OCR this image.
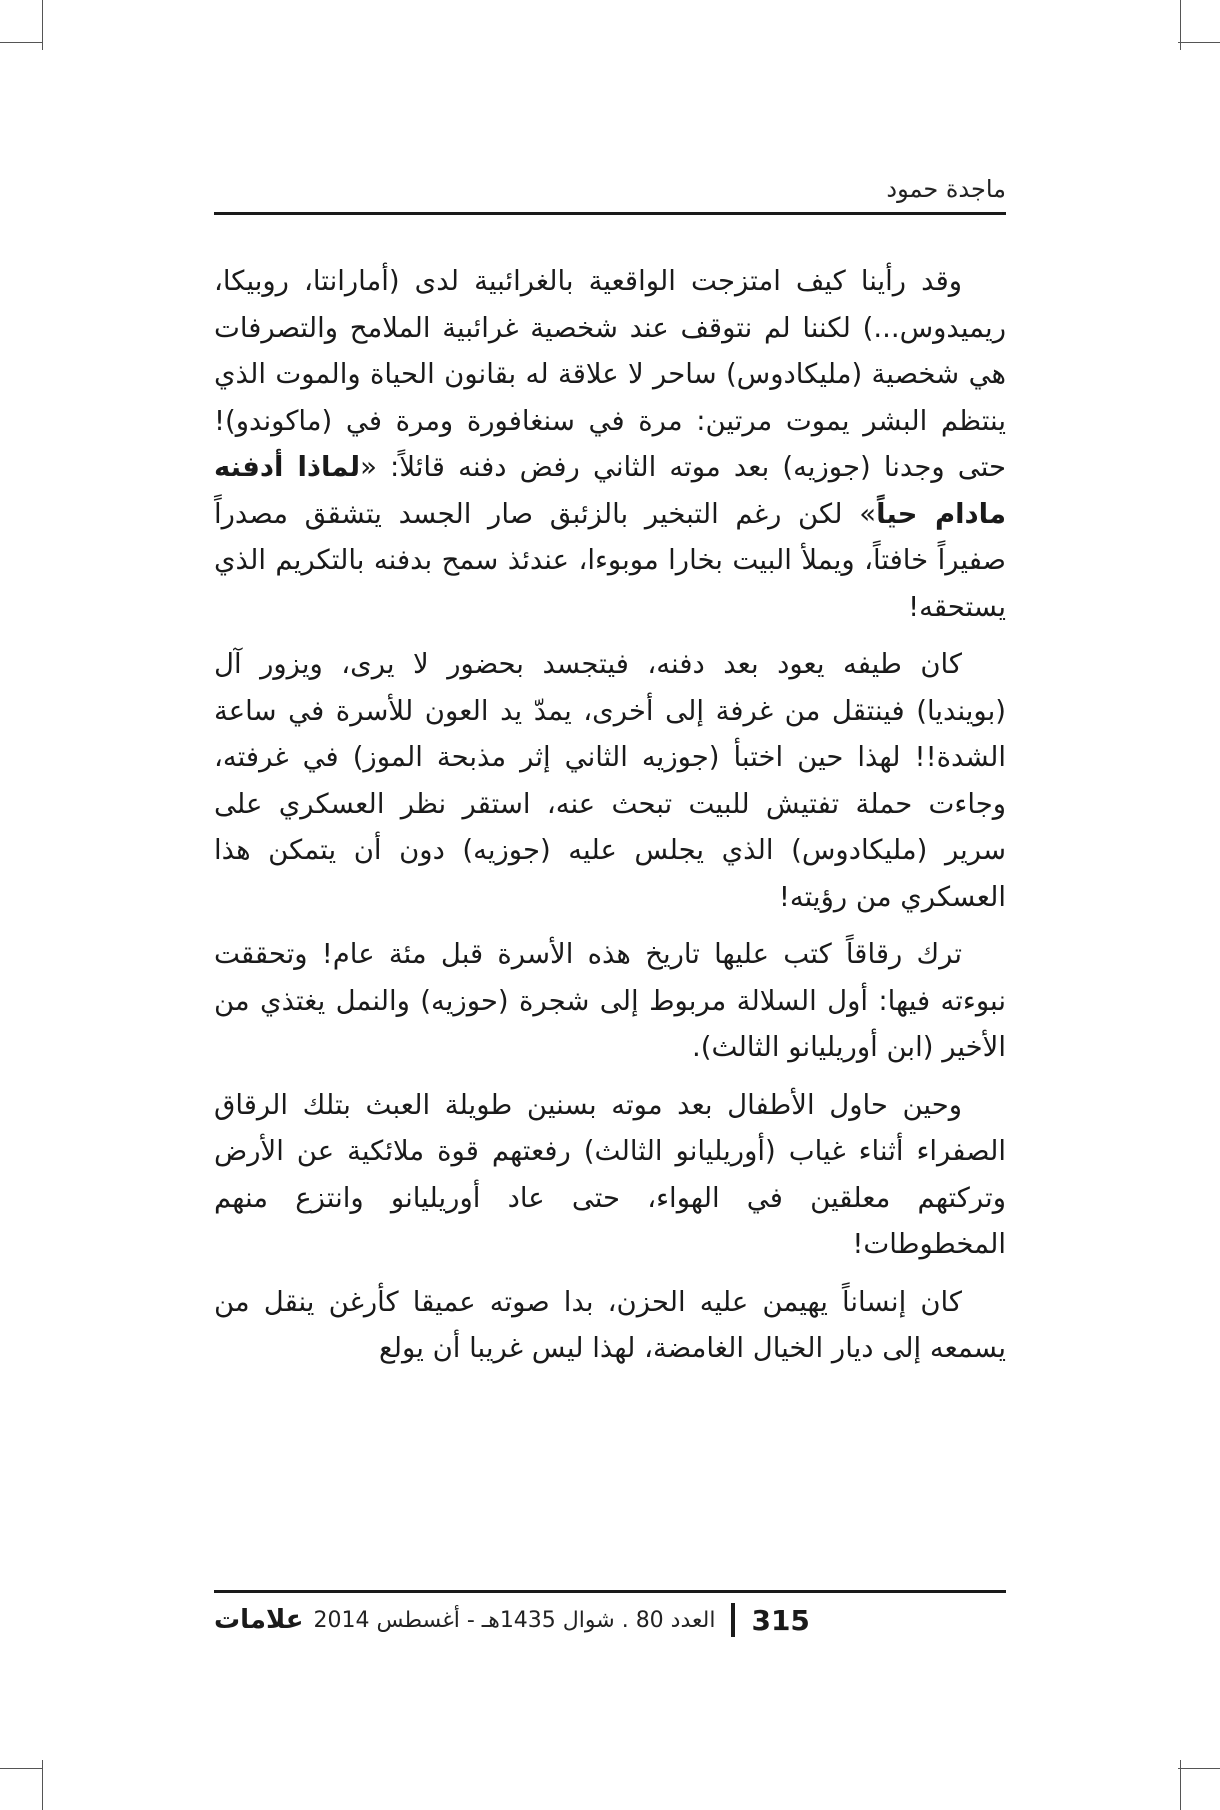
ماجدة حمود

وقد رأينا كيف امتزجت الواقعية بالغرائبية لدى (أمارانتا، روبيكا، ريميدوس...) لكننا لم نتوقف عند شخصية غرائبية الملامح والتصرفات هي شخصية (مليكادوس) ساحر لا علاقة له بقانون الحياة والموت الذي ينتظم البشر يموت مرتين: مرة في سنغافورة ومرة في (ماكوندو)! حتى وجدنا (جوزيه) بعد موته الثاني رفض دفنه قائلاً: «لماذا أدفنه مادام حياً» لكن رغم التبخير بالزئبق صار الجسد يتشقق مصدراً صفيراً خافتاً، ويملأ البيت بخارا موبوءا، عندئذ سمح بدفنه بالتكريم الذي يستحقه!

كان طيفه يعود بعد دفنه، فيتجسد بحضور لا يرى، ويزور آل (بوينديا) فينتقل من غرفة إلى أخرى، يمدّ يد العون للأسرة في ساعة الشدة!! لهذا حين اختبأ (جوزيه الثاني إثر مذبحة الموز) في غرفته، وجاءت حملة تفتيش للبيت تبحث عنه، استقر نظر العسكري على سرير (مليكادوس) الذي يجلس عليه (جوزيه) دون أن يتمكن هذا العسكري من رؤيته!

ترك رقاقاً كتب عليها تاريخ هذه الأسرة قبل مئة عام! وتحققت نبوءته فيها: أول السلالة مربوط إلى شجرة (حوزيه) والنمل يغتذي من الأخير (ابن أوريليانو الثالث).

وحين حاول الأطفال بعد موته بسنين طويلة العبث بتلك الرقاق الصفراء أثناء غياب (أوريليانو الثالث) رفعتهم قوة ملائكية عن الأرض وتركتهم معلقين في الهواء، حتى عاد أوريليانو وانتزع منهم المخطوطات!

كان إنساناً يهيمن عليه الحزن، بدا صوته عميقا كأرغن ينقل من يسمعه إلى ديار الخيال الغامضة، لهذا ليس غريبا أن يولع

علامات العدد 80 . شوال 1435هـ - أغسطس 2014 315
